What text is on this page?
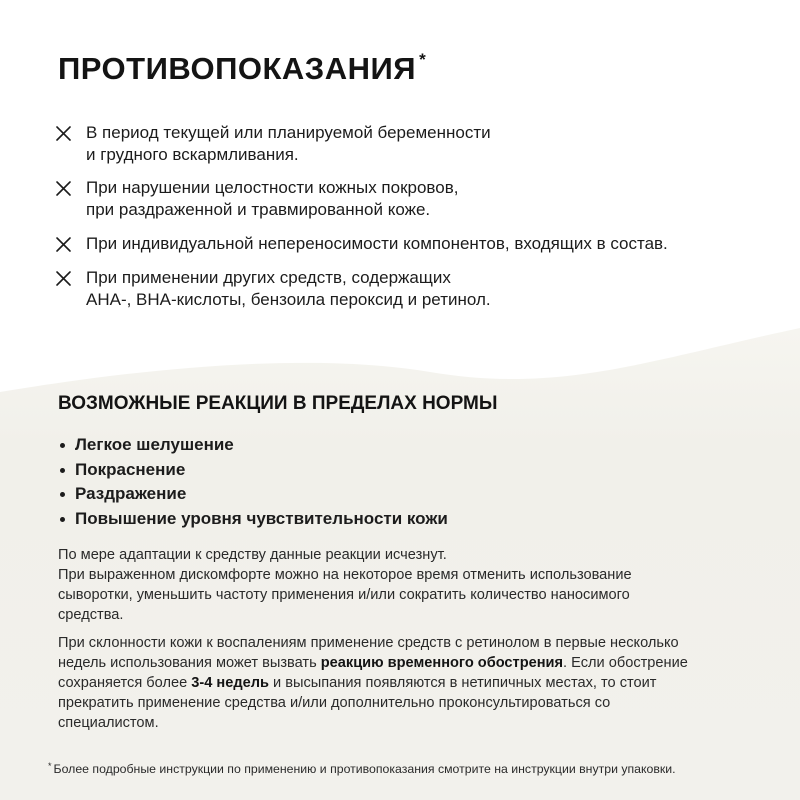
ПРОТИВОПОКАЗАНИЯ *
В период текущей или планируемой беременности
и грудного вскармливания.
При нарушении целостности кожных покровов,
при раздраженной и травмированной коже.
При индивидуальной непереносимости компонентов, входящих в состав.
При применении других средств, содержащих
АНА-, ВНА-кислоты, бензоила пероксид и ретинол.
ВОЗМОЖНЫЕ РЕАКЦИИ В ПРЕДЕЛАХ НОРМЫ
Легкое шелушение
Покраснение
Раздражение
Повышение уровня чувствительности кожи

По мере адаптации к средству данные реакции исчезнут.
При выраженном дискомфорте можно на некоторое время отменить использование
сыворотки, уменьшить частоту применения и/или сократить количество наносимого
средства.

При склонности кожи к воспалениям применение средств с ретинолом в первые несколько
недель использования может вызвать реакцию временного обострения. Если обострение
сохраняется более 3-4 недель и высыпания появляются в нетипичных местах, то стоит
прекратить применение средства и/или дополнительно проконсультироваться со
специалистом.

* Более подробные инструкции по применению и противопоказания смотрите на инструкции внутри упаковки.
